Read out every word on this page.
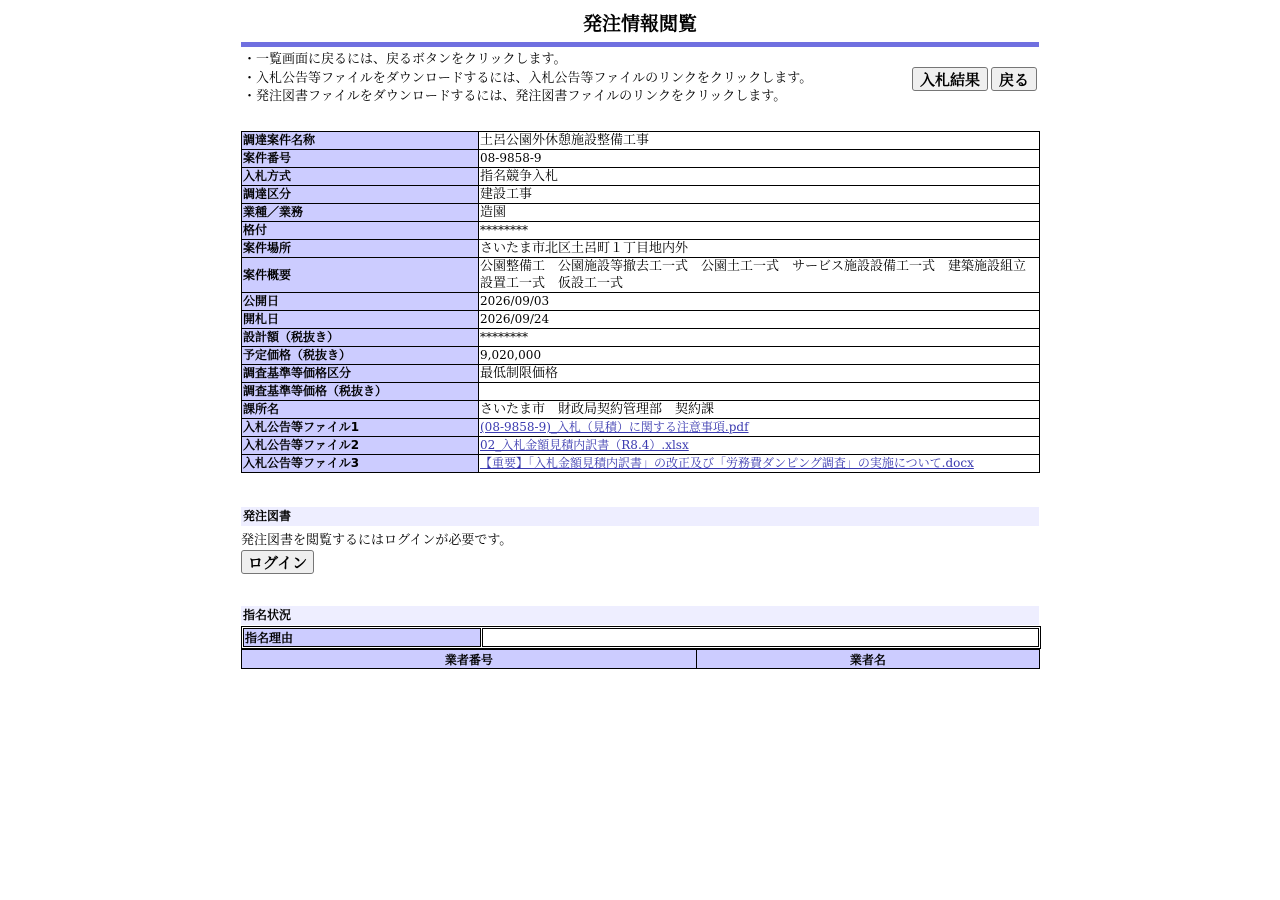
発注情報閲覧
・一覧画面に戻るには、戻るボタンをクリックします。
・入札公告等ファイルをダウンロードするには、入札公告等ファイルのリンクをクリックします。
・発注図書ファイルをダウンロードするには、発注図書ファイルのリンクをクリックします。
入札結果	戻る
調達案件名称	土呂公園外休憩施設整備工事
案件番号	08-9858-9
入札方式	指名競争入札
調達区分	建設工事
業種／業務	造園
格付	********
案件場所	さいたま市北区土呂町１丁目地内外
案件概要	公園整備工　公園施設等撤去工一式　公園土工一式　サービス施設設備工一式　建築施設組立設置工一式　仮設工一式
公開日	2026/09/03
開札日	2026/09/24
設計額（税抜き）	********
予定価格（税抜き）	9,020,000
調査基準等価格区分	最低制限価格
調査基準等価格（税抜き）	
課所名	さいたま市　財政局契約管理部　契約課
入札公告等ファイル1	(08-9858-9)_入札（見積）に関する注意事項.pdf
入札公告等ファイル2	02_入札金額見積内訳書（R8.4）.xlsx
入札公告等ファイル3	【重要】「入札金額見積内訳書」の改正及び「労務費ダンピング調査」の実施について.docx
発注図書
発注図書を閲覧するにはログインが必要です。
ログイン
指名状況
指名理由	
業者番号	業者名
